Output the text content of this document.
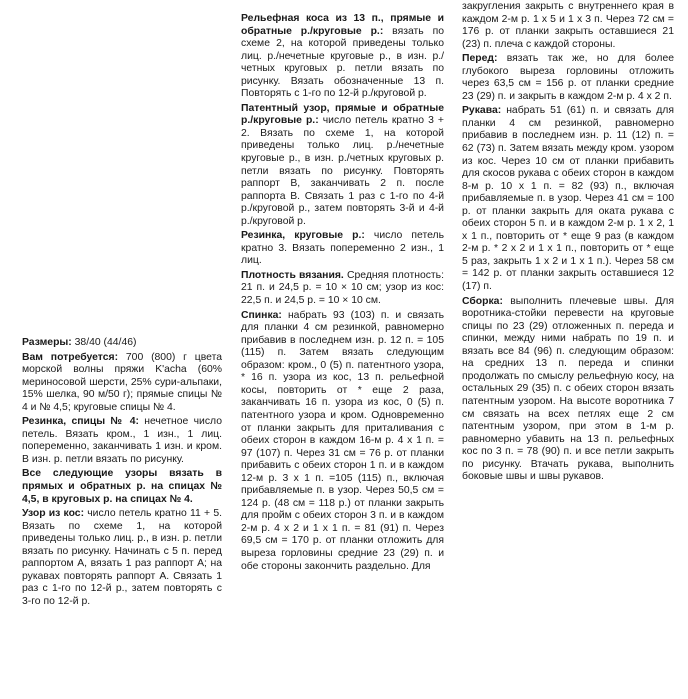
Размеры: 38/40 (44/46)

Вам потребуется: 700 (800) г цвета морской волны пряжи K'acha (60% мериносовой шерсти, 25% сури-альпаки, 15% шелка, 90 м/50 г); прямые спицы № 4 и № 4,5; круговые спицы № 4.

Резинка, спицы № 4: нечетное число петель. Вязать кром., 1 изн., 1 лиц. попеременно, заканчивать 1 изн. и кром. В изн. р. петли вязать по рисунку.

Все следующие узоры вязать в прямых и обратных р. на спицах № 4,5, в круговых р. на спицах № 4.

Узор из кос: число петель кратно 11 + 5. Вязать по схеме 1, на которой приведены только лиц. р., в изн. р. петли вязать по рисунку. Начинать с 5 п. перед раппортом А, вязать 1 раз раппорт А; на рукавах повторять раппорт А. Связать 1 раз с 1-го по 12-й р., затем повторять с 3-го по 12-й р.

Рельефная коса из 13 п., прямые и обратные р./круговые р.: вязать по схеме 2, на которой приведены только лиц. р./нечетные круговые р., в изн. р./четных круговых р. петли вязать по рисунку. Вязать обозначенные 13 п. Повторять с 1-го по 12-й р./круговой р.

Патентный узор, прямые и обратные р./круговые р.: число петель кратно 3 + 2. Вязать по схеме 1, на которой приведены только лиц. р./нечетные круговые р., в изн. р./четных круговых р. петли вязать по рисунку. Повторять раппорт В, заканчивать 2 п. после раппорта В. Связать 1 раз с 1-го по 4-й р./круговой р., затем повторять 3-й и 4-й р./круговой р.

Резинка, круговые р.: число петель кратно 3. Вязать попеременно 2 изн., 1 лиц.

Плотность вязания. Средняя плотность: 21 п. и 24,5 р. = 10 × 10 см; узор из кос: 22,5 п. и 24,5 р. = 10 × 10 см.

Спинка: набрать 93 (103) п. и связать для планки 4 см резинкой, равномерно прибавив в последнем изн. р. 12 п. = 105 (115) п. Затем вязать следующим образом: кром., 0 (5) п. патентного узора, * 16 п. узора из кос, 13 п. рельефной косы, повторить от * еще 2 раза, заканчивать 16 п. узора из кос, 0 (5) п. патентного узора и кром. Одновременно от планки закрыть для приталивания с обеих сторон в каждом 16-м р. 4 х 1 п. = 97 (107) п. Через 31 см = 76 р. от планки прибавить с обеих сторон 1 п. и в каждом 12-м р. 3 х 1 п. =105 (115) п., включая прибавляемые п. в узор. Через 50,5 см = 124 р. (48 см = 118 р.) от планки закрыть для пройм с обеих сторон 3 п. и в каждом 2-м р. 4 х 2 и 1 х 1 п. = 81 (91) п. Через 69,5 см = 170 р. от планки отложить для выреза горловины средние 23 (29) п. и обе стороны закончить раздельно. Для

закругления закрыть с внутреннего края в каждом 2-м р. 1 х 5 и 1 х 3 п. Через 72 см = 176 р. от планки закрыть оставшиеся 21 (23) п. плеча с каждой стороны.

Перед: вязать так же, но для более глубокого выреза горловины отложить через 63,5 см = 156 р. от планки средние 23 (29) п. и закрыть в каждом 2-м р. 4 х 2 п.

Рукава: набрать 51 (61) п. и связать для планки 4 см резинкой, равномерно прибавив в последнем изн. р. 11 (12) п. = 62 (73) п. Затем вязать между кром. узором из кос. Через 10 см от планки прибавить для скосов рукава с обеих сторон в каждом 8-м р. 10 х 1 п. = 82 (93) п., включая прибавляемые п. в узор. Через 41 см = 100 р. от планки закрыть для оката рукава с обеих сторон 5 п. и в каждом 2-м р. 1 х 2, 1 х 1 п., повторить от * еще 9 раз (в каждом 2-м р. * 2 х 2 и 1 х 1 п., повторить от * еще 5 раз, закрыть 1 х 2 и 1 х 1 п.). Через 58 см = 142 р. от планки закрыть оставшиеся 12 (17) п.

Сборка: выполнить плечевые швы. Для воротника-стойки перевести на круговые спицы по 23 (29) отложенных п. переда и спинки, между ними набрать по 19 п. и вязать все 84 (96) п. следующим образом: на средних 13 п. переда и спинки продолжать по смыслу рельефную косу, на остальных 29 (35) п. с обеих сторон вязать патентным узором. На высоте воротника 7 см связать на всех петлях еще 2 см патентным узором, при этом в 1-м р. равномерно убавить на 13 п. рельефных кос по 3 п. = 78 (90) п. и все петли закрыть по рисунку. Втачать рукава, выполнить боковые швы и швы рукавов.
